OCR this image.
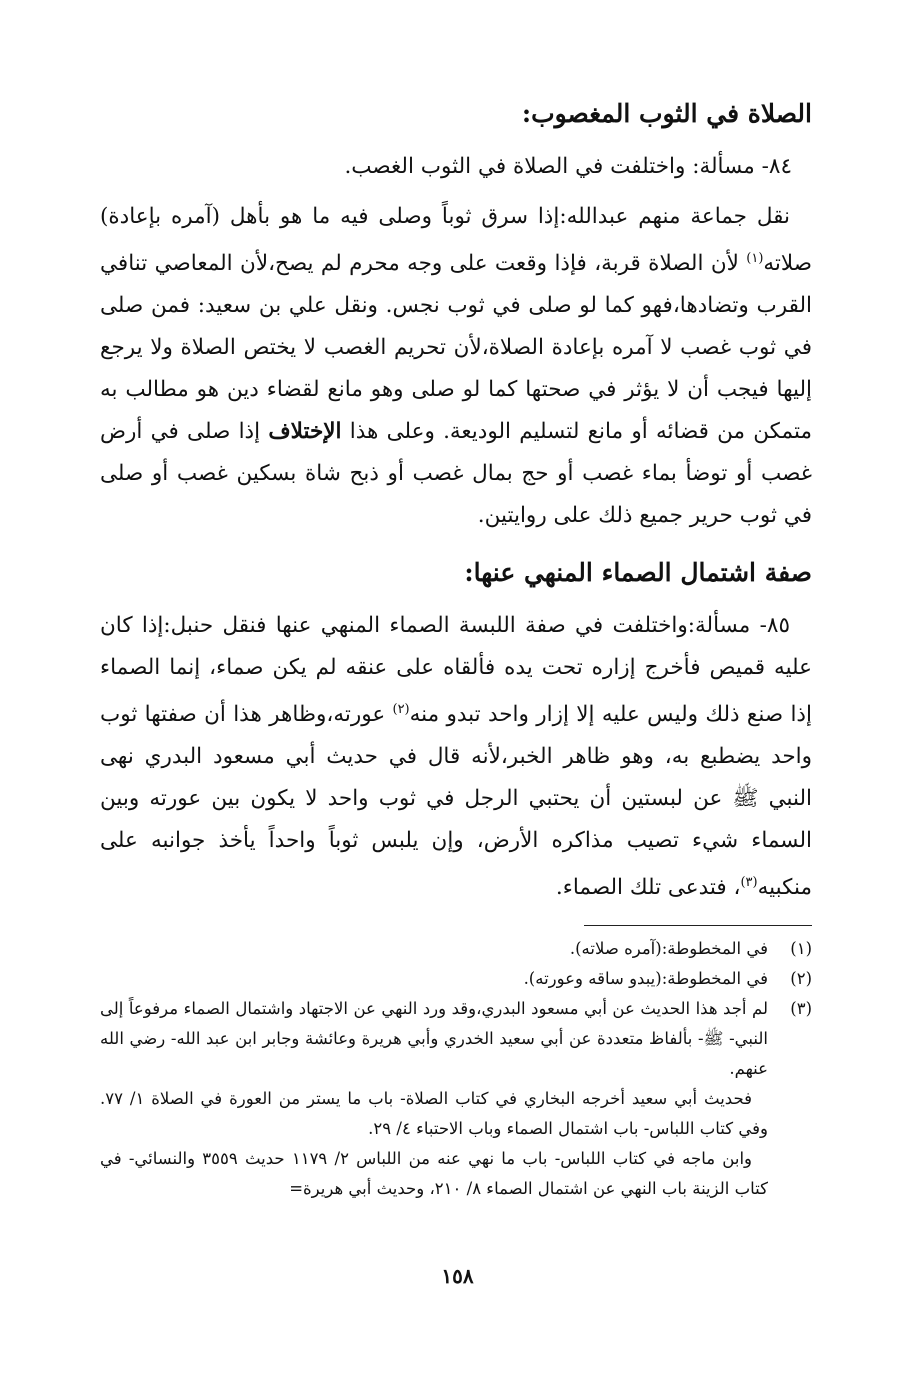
الصلاة في الثوب المغصوب:

٨٤- مسألة: واختلفت في الصلاة في الثوب الغصب.

نقل جماعة منهم عبدالله:إذا سرق ثوباً وصلى فيه ما هو بأهل (آمره بإعادة) صلاته$^{(١)}$ لأن الصلاة قربة، فإذا وقعت على وجه محرم لم يصح،لأن المعاصي تنافي القرب وتضادها،فهو كما لو صلى في ثوب نجس. ونقل علي بن سعيد: فمن صلى في ثوب غصب لا آمره بإعادة الصلاة،لأن تحريم الغصب لا يختص الصلاة ولا يرجع إليها فيجب أن لا يؤثر في صحتها كما لو صلى وهو مانع لقضاء دين هو مطالب به متمكن من قضائه أو مانع لتسليم الوديعة. وعلى هذا الإختلاف إذا صلى في أرض غصب أو توضأ بماء غصب أو حج بمال غصب أو ذبح شاة بسكين غصب أو صلى في ثوب حرير جميع ذلك على روايتين.

صفة اشتمال الصماء المنهي عنها:

٨٥- مسألة:واختلفت في صفة اللبسة الصماء المنهي عنها فنقل حنبل:إذا كان عليه قميص فأخرج إزاره تحت يده فألقاه على عنقه لم يكن صماء، إنما الصماء إذا صنع ذلك وليس عليه إلا إزار واحد تبدو منه$^{(٢)}$ عورته،وظاهر هذا أن صفتها ثوب واحد يضطبع به، وهو ظاهر الخبر،لأنه قال في حديث أبي مسعود البدري نهى النبي ﷺ عن لبستين أن يحتبي الرجل في ثوب واحد لا يكون بين عورته وبين السماء شيء تصيب مذاكره الأرض، وإن يلبس ثوباً واحداً يأخذ جوانبه على منكبيه$^{(٣)}$، فتدعى تلك الصماء.

(١)
في المخطوطة:(آمره صلاته).
(٢)
في المخطوطة:(يبدو ساقه وعورته).
(٣)
لم أجد هذا الحديث عن أبي مسعود البدري،وقد ورد النهي عن الاجتهاد واشتمال الصماء مرفوعاً إلى النبي- ﷺ- بألفاظ متعددة عن أبي سعيد الخدري وأبي هريرة وعائشة وجابر ابن عبد الله- رضي الله عنهم.
فحديث أبي سعيد أخرجه البخاري في كتاب الصلاة- باب ما يستر من العورة في الصلاة ١/ ٧٧. وفي كتاب اللباس- باب اشتمال الصماء وباب الاحتباء ٤/ ٢٩.
وابن ماجه في كتاب اللباس- باب ما نهي عنه من اللباس ٢/ ١١٧٩ حديث ٣٥٥٩ والنسائي- في كتاب الزينة باب النهي عن اشتمال الصماء ٨/ ٢١٠، وحديث أبي هريرة=
١٥٨
